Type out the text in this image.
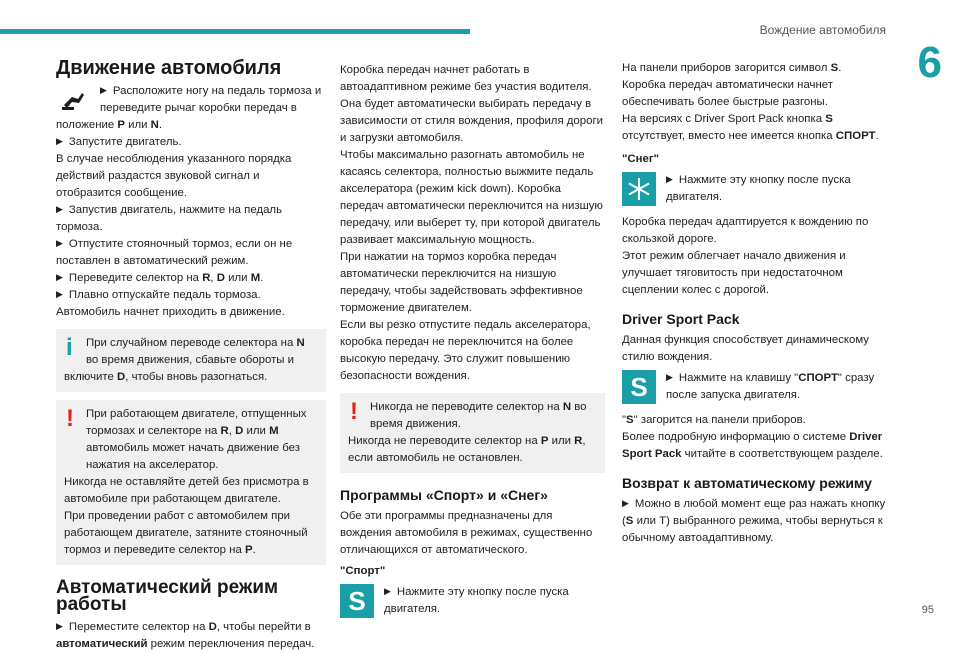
Вождение автомобиля
6
Движение автомобиля

▶ Расположите ногу на педаль тормоза и переведите рычаг коробки передач в

положение P или N.

▶ Запустите двигатель.

В случае несоблюдения указанного порядка действий раздастся звуковой сигнал и отобразится сообщение.

▶ Запустив двигатель, нажмите на педаль тормоза.

▶ Отпустите стояночный тормоз, если он не поставлен в автоматический режим.

▶ Переведите селектор на R, D или M.

▶ Плавно отпускайте педаль тормоза.

Автомобиль начнет приходить в движение.

i	При случайном переводе селектора на N во время движения, сбавьте обороты и

включите D, чтобы вновь разогнаться.

!	При работающем двигателе, отпущенных тормозах и селекторе на R, D или M автомобиль может начать движение без нажатия на акселератор.

Никогда не оставляйте детей без присмотра в автомобиле при работающем двигателе.

При проведении работ с автомобилем при работающем двигателе, затяните стояночный тормоз и переведите селектор на P.

Автоматический режим работы

▶ Переместите селектор на D, чтобы перейти в автоматический режим переключения передач.

Коробка передач начнет работать в автоадаптивном режиме без участия водителя. Она будет автоматически выбирать передачу в зависимости от стиля вождения, профиля дороги и загрузки автомобиля.

Чтобы максимально разогнать автомобиль не касаясь селектора, полностью выжмите педаль акселератора (режим kick down). Коробка передач автоматически переключится на низшую передачу, или выберет ту, при которой двигатель развивает максимальную мощность.

При нажатии на тормоз коробка передач автоматически переключится на низшую передачу, чтобы задействовать эффективное торможение двигателем.

Если вы резко отпустите педаль акселератора, коробка передач не переключится на более высокую передачу. Это служит повышению безопасности вождения.

!	Никогда не переводите селектор на N во время движения.

Никогда не переводите селектор на P или R, если автомобиль не остановлен.

Программы «Спорт» и «Снег»

Обе эти программы предназначены для вождения автомобиля в режимах, существенно отличающихся от автоматического.

"Спорт"

S	▶ Нажмите эту кнопку после пуска двигателя.

На панели приборов загорится символ S.

Коробка передач автоматически начнет обеспечивать более быстрые разгоны.

На версиях с Driver Sport Pack кнопка S отсутствует, вместо нее имеется кнопка СПОРТ.

"Снег"

▶ Нажмите эту кнопку после пуска двигателя.

Коробка передач адаптируется к вождению по скользкой дороге.

Этот режим облегчает начало движения и улучшает тяговитость при недостаточном сцеплении колес с дорогой.

Driver Sport Pack

Данная функция способствует динамическому стилю вождения.

S	▶ Нажмите на клавишу "СПОРТ" сразу после запуска двигателя.

"S" загорится на панели приборов.

Более подробную информацию о системе Driver Sport Pack читайте в соответствующем разделе.

Возврат к автоматическому режиму

▶ Можно в любой момент еще раз нажать кнопку (S или T) выбранного режима, чтобы вернуться к обычному автоадаптивному.

95
